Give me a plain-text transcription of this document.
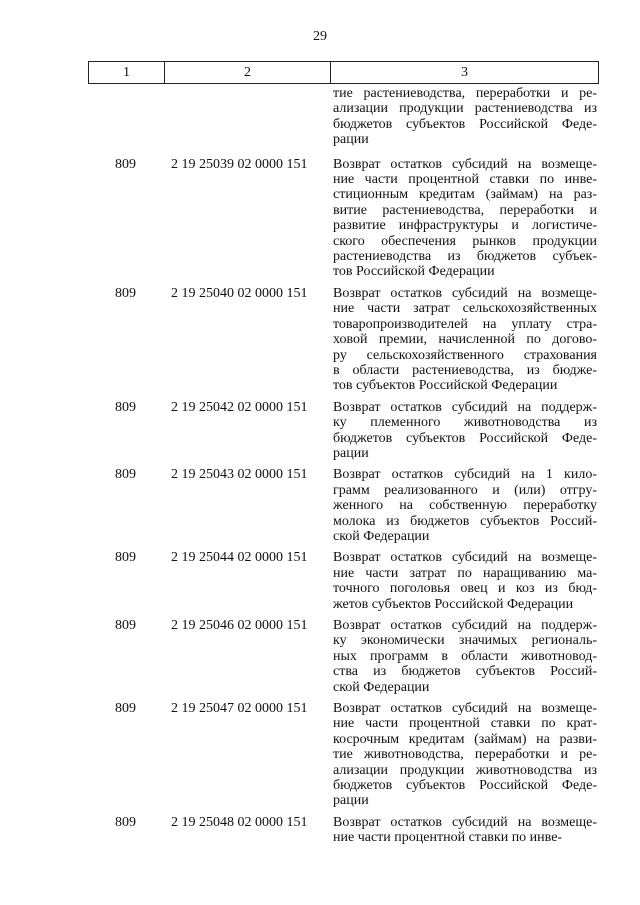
29
1	2	3
тие растениеводства, переработки и ре-
ализации продукции растениеводства из
бюджетов субъектов Российской Феде-
рации
809	2 19 25039 02 0000 151	Возврат остатков субсидий на возмеще-
ние части процентной ставки по инве-
стиционным кредитам (займам) на раз-
витие растениеводства, переработки и
развитие инфраструктуры и логистиче-
ского обеспечения рынков продукции
растениеводства из бюджетов субъек-
тов Российской Федерации
809	2 19 25040 02 0000 151	Возврат остатков субсидий на возмеще-
ние части затрат сельскохозяйственных
товаропроизводителей на уплату стра-
ховой премии, начисленной по догово-
ру сельскохозяйственного страхования
в области растениеводства, из бюдже-
тов субъектов Российской Федерации
809	2 19 25042 02 0000 151	Возврат остатков субсидий на поддерж-
ку племенного животноводства из
бюджетов субъектов Российской Феде-
рации
809	2 19 25043 02 0000 151	Возврат остатков субсидий на 1 кило-
грамм реализованного и (или) отгру-
женного на собственную переработку
молока из бюджетов субъектов Россий-
ской Федерации
809	2 19 25044 02 0000 151	Возврат остатков субсидий на возмеще-
ние части затрат по наращиванию ма-
точного поголовья овец и коз из бюд-
жетов субъектов Российской Федерации
809	2 19 25046 02 0000 151	Возврат остатков субсидий на поддерж-
ку экономически значимых региональ-
ных программ в области животновод-
ства из бюджетов субъектов Россий-
ской Федерации
809	2 19 25047 02 0000 151	Возврат остатков субсидий на возмеще-
ние части процентной ставки по крат-
косрочным кредитам (займам) на разви-
тие животноводства, переработки и ре-
ализации продукции животноводства из
бюджетов субъектов Российской Феде-
рации
809	2 19 25048 02 0000 151	Возврат остатков субсидий на возмеще-
ние части процентной ставки по инве-
